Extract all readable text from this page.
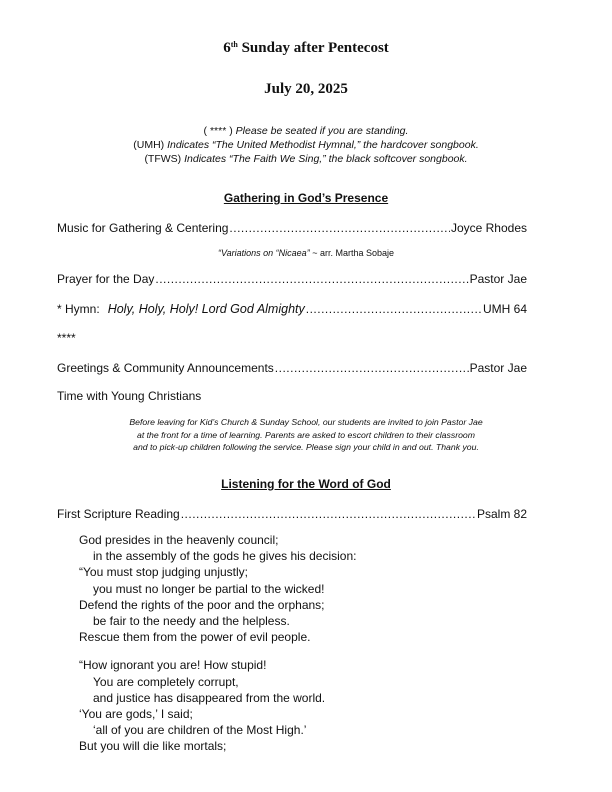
6th Sunday after Pentecost
July 20, 2025
( **** ) Please be seated if you are standing.
(UMH) Indicates “The United Methodist Hymnal,” the hardcover songbook.
(TFWS) Indicates “The Faith We Sing,” the black softcover songbook.
Gathering in God’s Presence
Music for Gathering & Centering .....	Joyce Rhodes
“Variations on “Nicaea” ~ arr. Martha Sobaje
Prayer for the Day .....	Pastor Jae
* Hymn: Holy, Holy, Holy! Lord God Almighty .....	UMH 64
****
Greetings & Community Announcements .....	Pastor Jae
Time with Young Christians
Before leaving for Kid’s Church & Sunday School, our students are invited to join Pastor Jae
at the front for a time of learning. Parents are asked to escort children to their classroom
and to pick-up children following the service. Please sign your child in and out. Thank you.
Listening for the Word of God
First Scripture Reading .....	Psalm 82
God presides in the heavenly council;
in the assembly of the gods he gives his decision:
“You must stop judging unjustly;
you must no longer be partial to the wicked!
Defend the rights of the poor and the orphans;
be fair to the needy and the helpless.
Rescue them from the power of evil people.
“How ignorant you are! How stupid!
You are completely corrupt,
and justice has disappeared from the world.
‘You are gods,’ I said;
‘all of you are children of the Most High.’
But you will die like mortals;
